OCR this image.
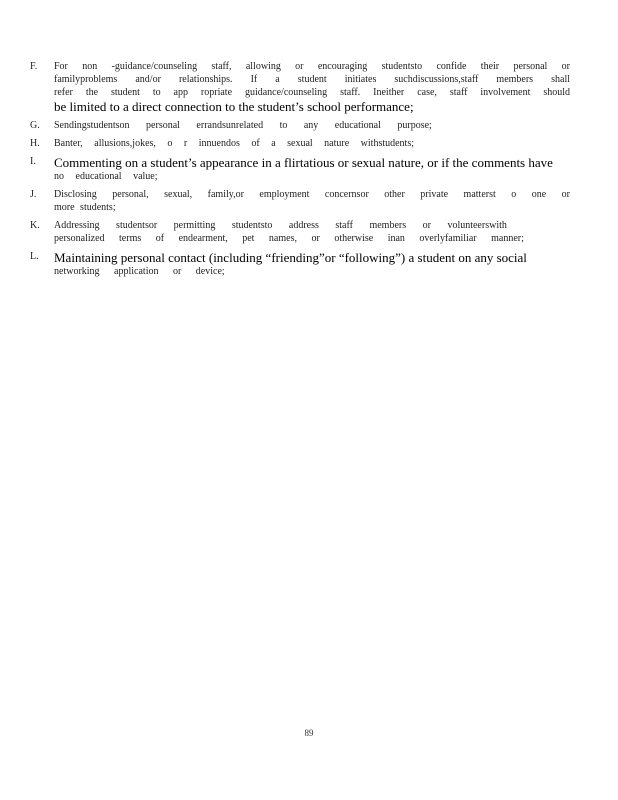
F.	For non -guidance/counseling staff, allowing or encouraging studentsto confide their personal or
familyproblems and/or relationships. If a student initiates suchdiscussions,staff members shall
refer the student to app ropriate guidance/counseling staff. Ineither case, staff involvement should
be limited to a direct connection to the student’s school performance;
G.	Sendingstudentson personal errandsunrelated to any educational purpose;
H.	Banter, allusions,jokes, o r innuendos of a sexual nature withstudents;
I.	Commenting on a student’s appearance in a flirtatious or sexual nature, or if the comments have
no educational value;
J.	Disclosing personal, sexual, family,or employment concernsor other private matterst o one or
more students;
K.	Addressing studentsor permitting studentsto address staff members or volunteerswith
personalized terms of endearment, pet names, or otherwise inan overlyfamiliar manner;
L.	Maintaining personal contact (including “friending”or “following”) a student on any social
networking application or device;
89
